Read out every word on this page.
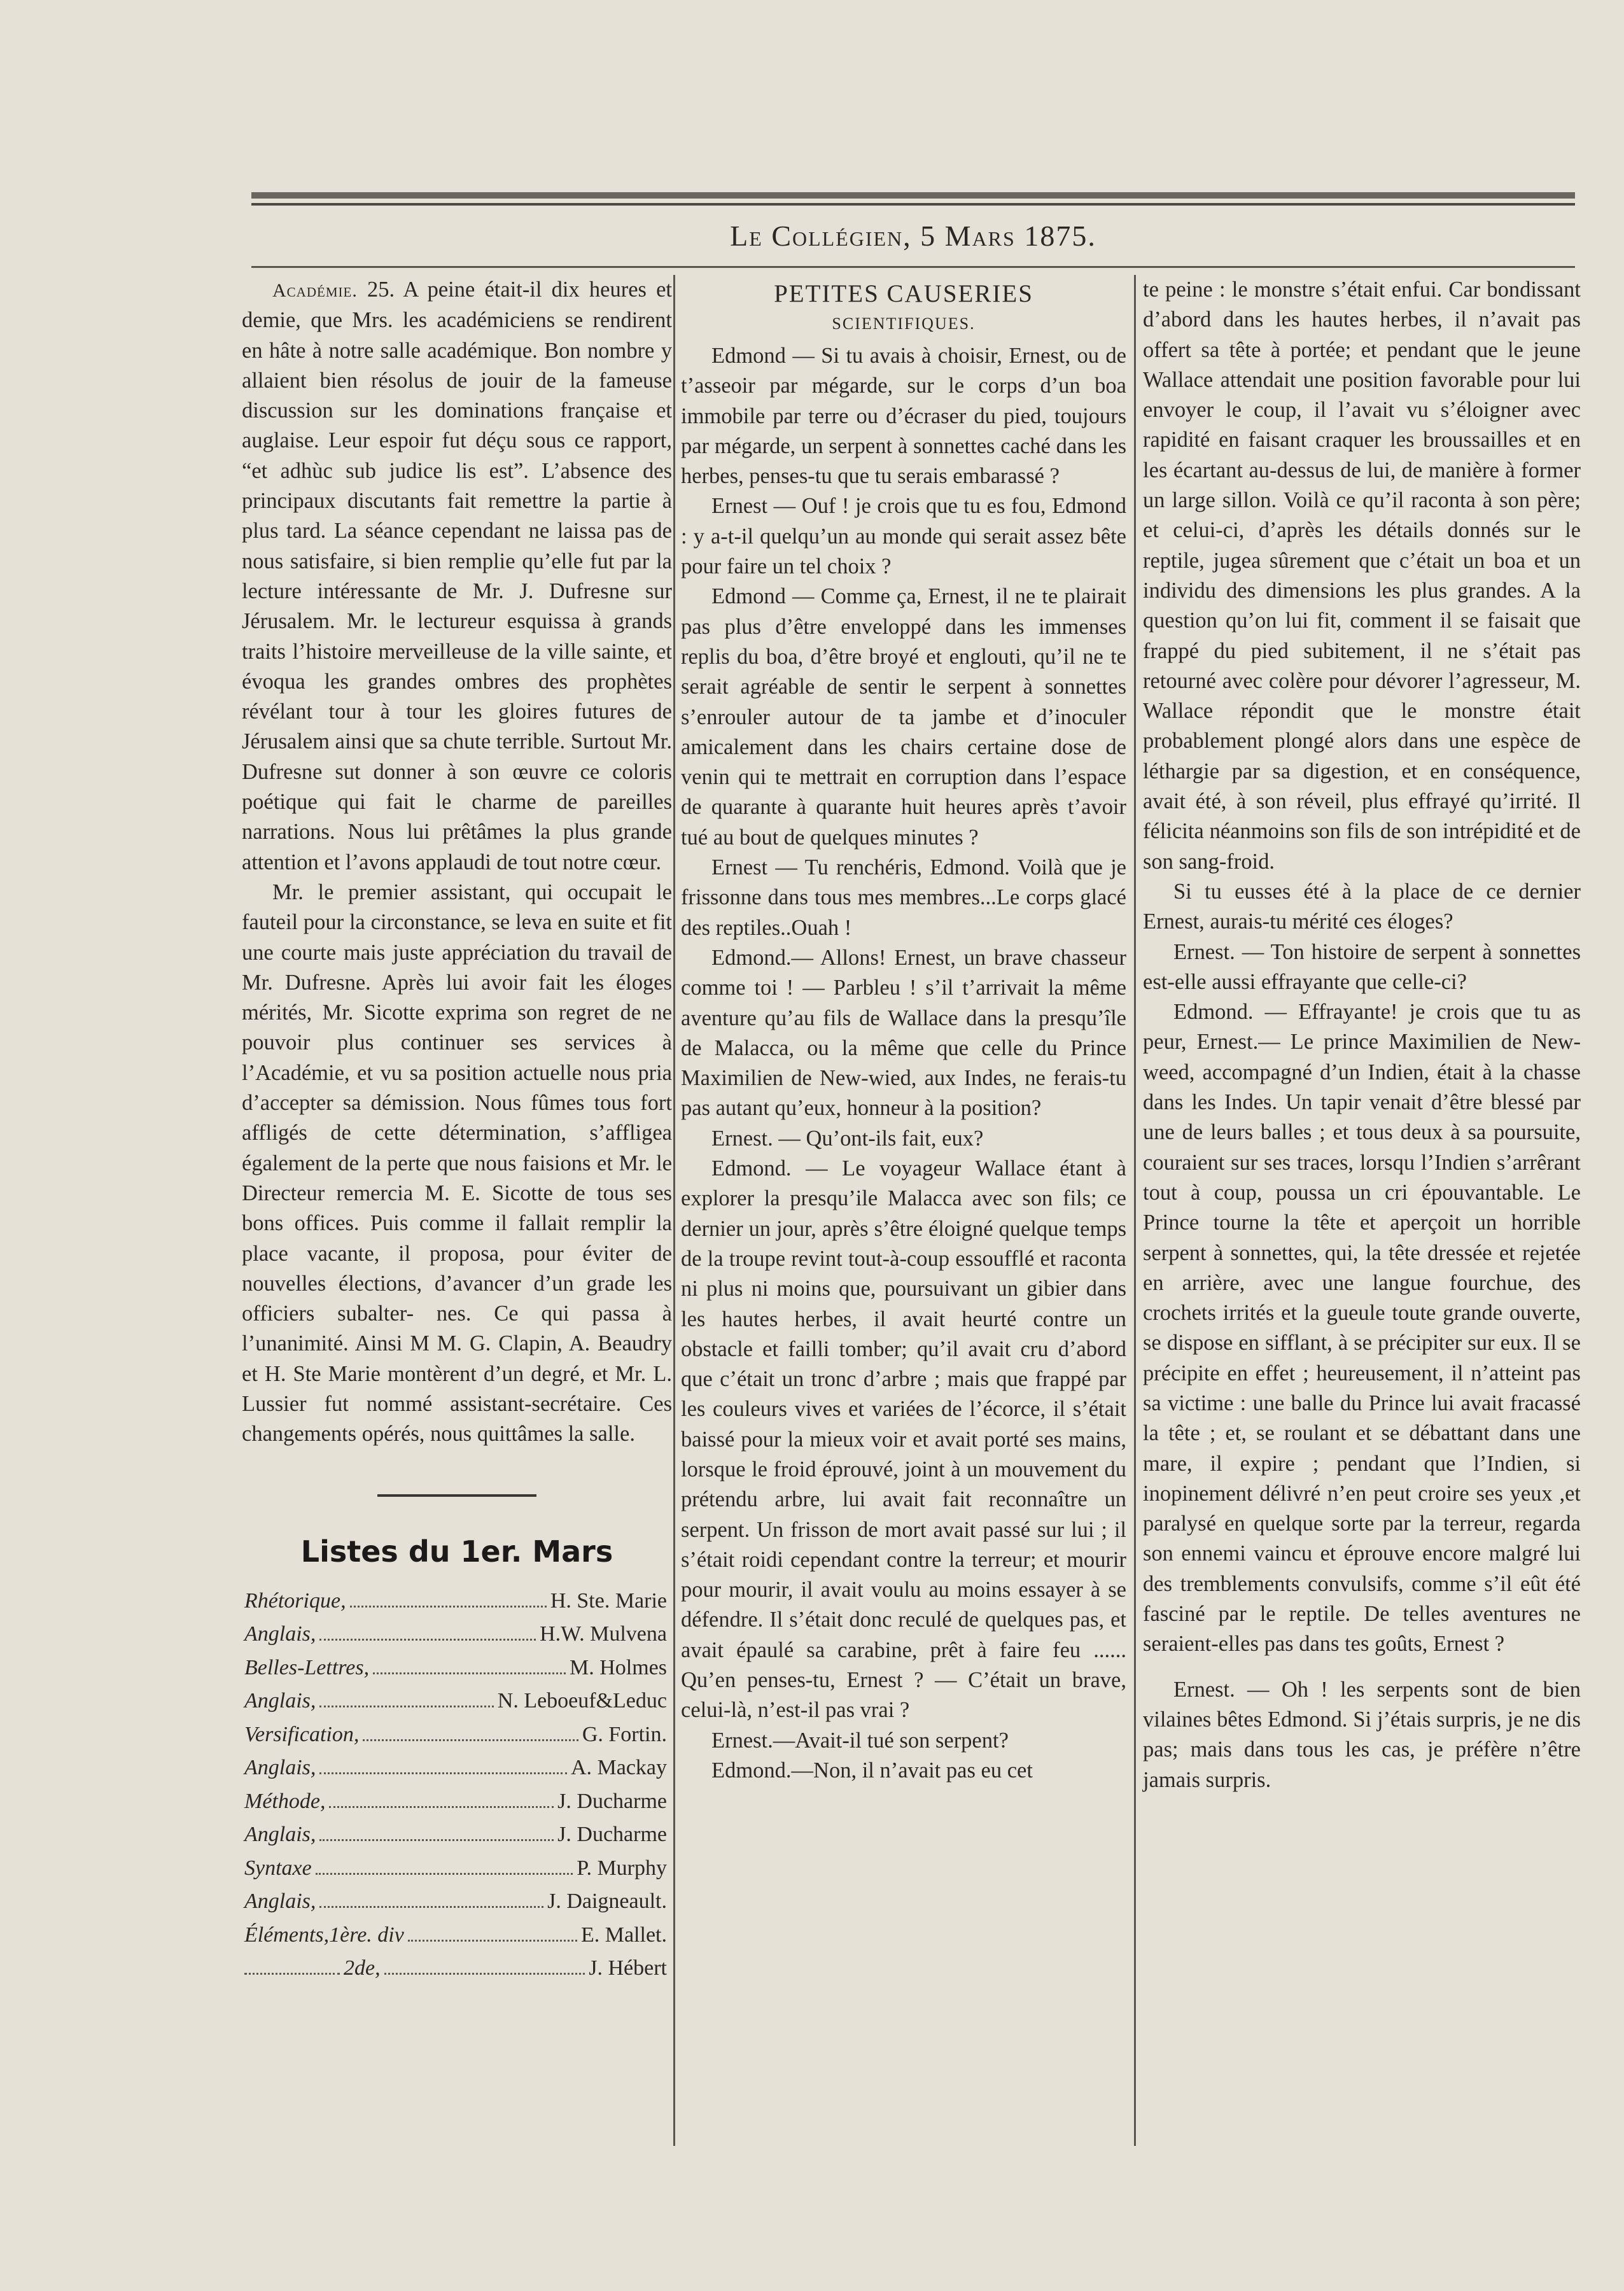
Le Collégien, 5 Mars 1875.

Académie. 25. A peine était-il dix heures et demie, que Mrs. les académiciens se rendirent en hâte à notre salle académique. Bon nombre y allaient bien résolus de jouir de la fameuse discussion sur les dominations française et auglaise. Leur espoir fut déçu sous ce rapport, “et adhùc sub judice lis est”. L’absence des principaux discutants fait remettre la partie à plus tard. La séance cependant ne laissa pas de nous satisfaire, si bien remplie qu’elle fut par la lecture intéressante de Mr. J. Dufresne sur Jérusalem. Mr. le lectureur esquissa à grands traits l’histoire merveilleuse de la ville sainte, et évoqua les grandes ombres des prophètes révélant tour à tour les gloires futures de Jérusalem ainsi que sa chute terrible. Surtout Mr. Dufresne sut donner à son œuvre ce coloris poétique qui fait le charme de pareilles narrations. Nous lui prêtâmes la plus grande attention et l’avons applaudi de tout notre cœur.

Mr. le premier assistant, qui occupait le fauteil pour la circonstance, se leva en suite et fit une courte mais juste appréciation du travail de Mr. Dufresne. Après lui avoir fait les éloges mérités, Mr. Sicotte exprima son regret de ne pouvoir plus continuer ses services à l’Académie, et vu sa position actuelle nous pria d’accepter sa démission. Nous fûmes tous fort affligés de cette détermination, s’affligea également de la perte que nous faisions et Mr. le Directeur remercia M. E. Sicotte de tous ses bons offices. Puis comme il fallait remplir la place vacante, il proposa, pour éviter de nouvelles élections, d’avancer d’un grade les officiers subalter- nes. Ce qui passa à l’unanimité. Ainsi M M. G. Clapin, A. Beaudry et H. Ste Marie montèrent d’un degré, et Mr. L. Lussier fut nommé assistant-secrétaire. Ces changements opérés, nous quittâmes la salle.

Listes du 1er. Mars
Rhétorique,	H. Ste. Marie
Anglais,	H.W. Mulvena
Belles-Lettres,	M. Holmes
Anglais,	N. Leboeuf&Leduc
Versification,	G. Fortin.
Anglais,	A. Mackay
Méthode,	J. Ducharme
Anglais,	J. Ducharme
Syntaxe	P. Murphy
Anglais,	J. Daigneault.
Éléments,1ère. div	E. Mallet.
2de,	J. Hébert
PETITES CAUSERIES
SCIENTIFIQUES.

Edmond — Si tu avais à choisir, Ernest, ou de t’asseoir par mégarde, sur le corps d’un boa immobile par terre ou d’écraser du pied, toujours par mégarde, un serpent à sonnettes caché dans les herbes, penses-tu que tu serais embarassé ?

Ernest — Ouf ! je crois que tu es fou, Edmond : y a-t-il quelqu’un au monde qui serait assez bête pour faire un tel choix ?

Edmond — Comme ça, Ernest, il ne te plairait pas plus d’être enveloppé dans les immenses replis du boa, d’être broyé et englouti, qu’il ne te serait agréable de sentir le serpent à sonnettes s’enrouler autour de ta jambe et d’inoculer amicalement dans les chairs certaine dose de venin qui te mettrait en corruption dans l’espace de quarante à quarante huit heures après t’avoir tué au bout de quelques minutes ?

Ernest — Tu renchéris, Edmond. Voilà que je frissonne dans tous mes membres...Le corps glacé des reptiles..Ouah !

Edmond.— Allons! Ernest, un brave chasseur comme toi ! — Parbleu ! s’il t’arrivait la même aventure qu’au fils de Wallace dans la presqu’île de Malacca, ou la même que celle du Prince Maximilien de New-wied, aux Indes, ne ferais-tu pas autant qu’eux, honneur à la position?

Ernest. — Qu’ont-ils fait, eux?

Edmond. — Le voyageur Wallace étant à explorer la presqu’ile Malacca avec son fils; ce dernier un jour, après s’être éloigné quelque temps de la troupe revint tout-à-coup essoufflé et raconta ni plus ni moins que, poursuivant un gibier dans les hautes herbes, il avait heurté contre un obstacle et failli tomber; qu’il avait cru d’abord que c’était un tronc d’arbre ; mais que frappé par les couleurs vives et variées de l’écorce, il s’était baissé pour la mieux voir et avait porté ses mains, lorsque le froid éprouvé, joint à un mouvement du prétendu arbre, lui avait fait reconnaître un serpent. Un frisson de mort avait passé sur lui ; il s’était roidi cependant contre la terreur; et mourir pour mourir, il avait voulu au moins essayer à se défendre. Il s’était donc reculé de quelques pas, et avait épaulé sa carabine, prêt à faire feu ...... Qu’en penses-tu, Ernest ? — C’était un brave, celui-là, n’est-il pas vrai ?

Ernest.—Avait-il tué son serpent?

Edmond.—Non, il n’avait pas eu cet

te peine : le monstre s’était enfui. Car bondissant d’abord dans les hautes herbes, il n’avait pas offert sa tête à portée; et pendant que le jeune Wallace attendait une position favorable pour lui envoyer le coup, il l’avait vu s’éloigner avec rapidité en faisant craquer les broussailles et en les écartant au-dessus de lui, de manière à former un large sillon. Voilà ce qu’il raconta à son père; et celui-ci, d’après les détails donnés sur le reptile, jugea sûrement que c’était un boa et un individu des dimensions les plus grandes. A la question qu’on lui fit, comment il se faisait que frappé du pied subitement, il ne s’était pas retourné avec colère pour dévorer l’agresseur, M. Wallace répondit que le monstre était probablement plongé alors dans une espèce de léthargie par sa digestion, et en conséquence, avait été, à son réveil, plus effrayé qu’irrité. Il félicita néanmoins son fils de son intrépidité et de son sang-froid.

Si tu eusses été à la place de ce dernier Ernest, aurais-tu mérité ces éloges?

Ernest. — Ton histoire de serpent à sonnettes est-elle aussi effrayante que celle-ci?

Edmond. — Effrayante! je crois que tu as peur, Ernest.— Le prince Maximilien de New-weed, accompagné d’un Indien, était à la chasse dans les Indes. Un tapir venait d’être blessé par une de leurs balles ; et tous deux à sa poursuite, couraient sur ses traces, lorsqu l’Indien s’arrêrant tout à coup, poussa un cri épouvantable. Le Prince tourne la tête et aperçoit un horrible serpent à sonnettes, qui, la tête dressée et rejetée en arrière, avec une langue fourchue, des crochets irrités et la gueule toute grande ouverte, se dispose en sifflant, à se précipiter sur eux. Il se précipite en effet ; heureusement, il n’atteint pas sa victime : une balle du Prince lui avait fracassé la tête ; et, se roulant et se débattant dans une mare, il expire ; pendant que l’Indien, si inopinement délivré n’en peut croire ses yeux ,et paralysé en quelque sorte par la terreur, regarda son ennemi vaincu et éprouve encore malgré lui des tremblements convulsifs, comme s’il eût été fasciné par le reptile. De telles aventures ne seraient-elles pas dans tes goûts, Ernest ?

Ernest. — Oh ! les serpents sont de bien vilaines bêtes Edmond. Si j’étais surpris, je ne dis pas; mais dans tous les cas, je préfère n’être jamais surpris.
